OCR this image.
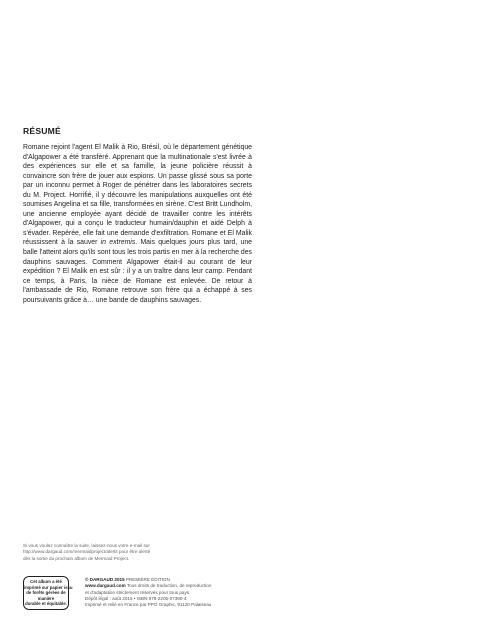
RÉSUMÉ

Romane rejoint l'agent El Malik à Rio, Brésil, où le département génétique d'Algapower a été transféré. Apprenant que la multinationale s'est livrée à des expériences sur elle et sa famille, la jeune policière réussit à convaincre son frère de jouer aux espions. Un passe glissé sous sa porte par un inconnu permet à Roger de pénétrer dans les laboratoires secrets du M. Project. Horrifié, il y découvre les manipulations auxquelles ont été soumises Angelina et sa fille, transformées en sirène. C'est Britt Lundholm, une ancienne employée ayant décidé de travailler contre les intérêts d'Algapower, qui a conçu le traducteur humain/dauphin et aidé Delph à s'évader. Repérée, elle fait une demande d'exfiltration. Romane et El Malik réussissent à la sauver in extremis. Mais quelques jours plus tard, une balle l'atteint alors qu'ils sont tous les trois partis en mer à la recherche des dauphins sauvages. Comment Algapower était-il au courant de leur expédition ? El Malik en est sûr : il y a un traître dans leur camp. Pendant ce temps, à Paris, la nièce de Romane est enlevée. De retour à l'ambassade de Rio, Romane retrouve son frère qui a échappé à ses poursuivants grâce à… une bande de dauphins sauvages.

Si vous voulez connaître la suite, laissez-nous votre e-mail sur
http://www.dargaud.com/mermaidproject/alerts pour être alerté
dès la sortie du prochain album de Mermaid Project.
Cet album a été
imprimé sur papier issu
de forêts gérées de
manière
durable et équitable.
© DARGAUD 2015 PREMIÈRE ÉDITION
www.dargaud.com Tous droits de traduction, de reproduction
et d'adaptation strictement réservés pour tous pays.
Dépôt légal : août 2015 • ISBN 978-2205-07390-4
Imprimé et relié en France par PPO Graphic, 91120 Palaiseau
